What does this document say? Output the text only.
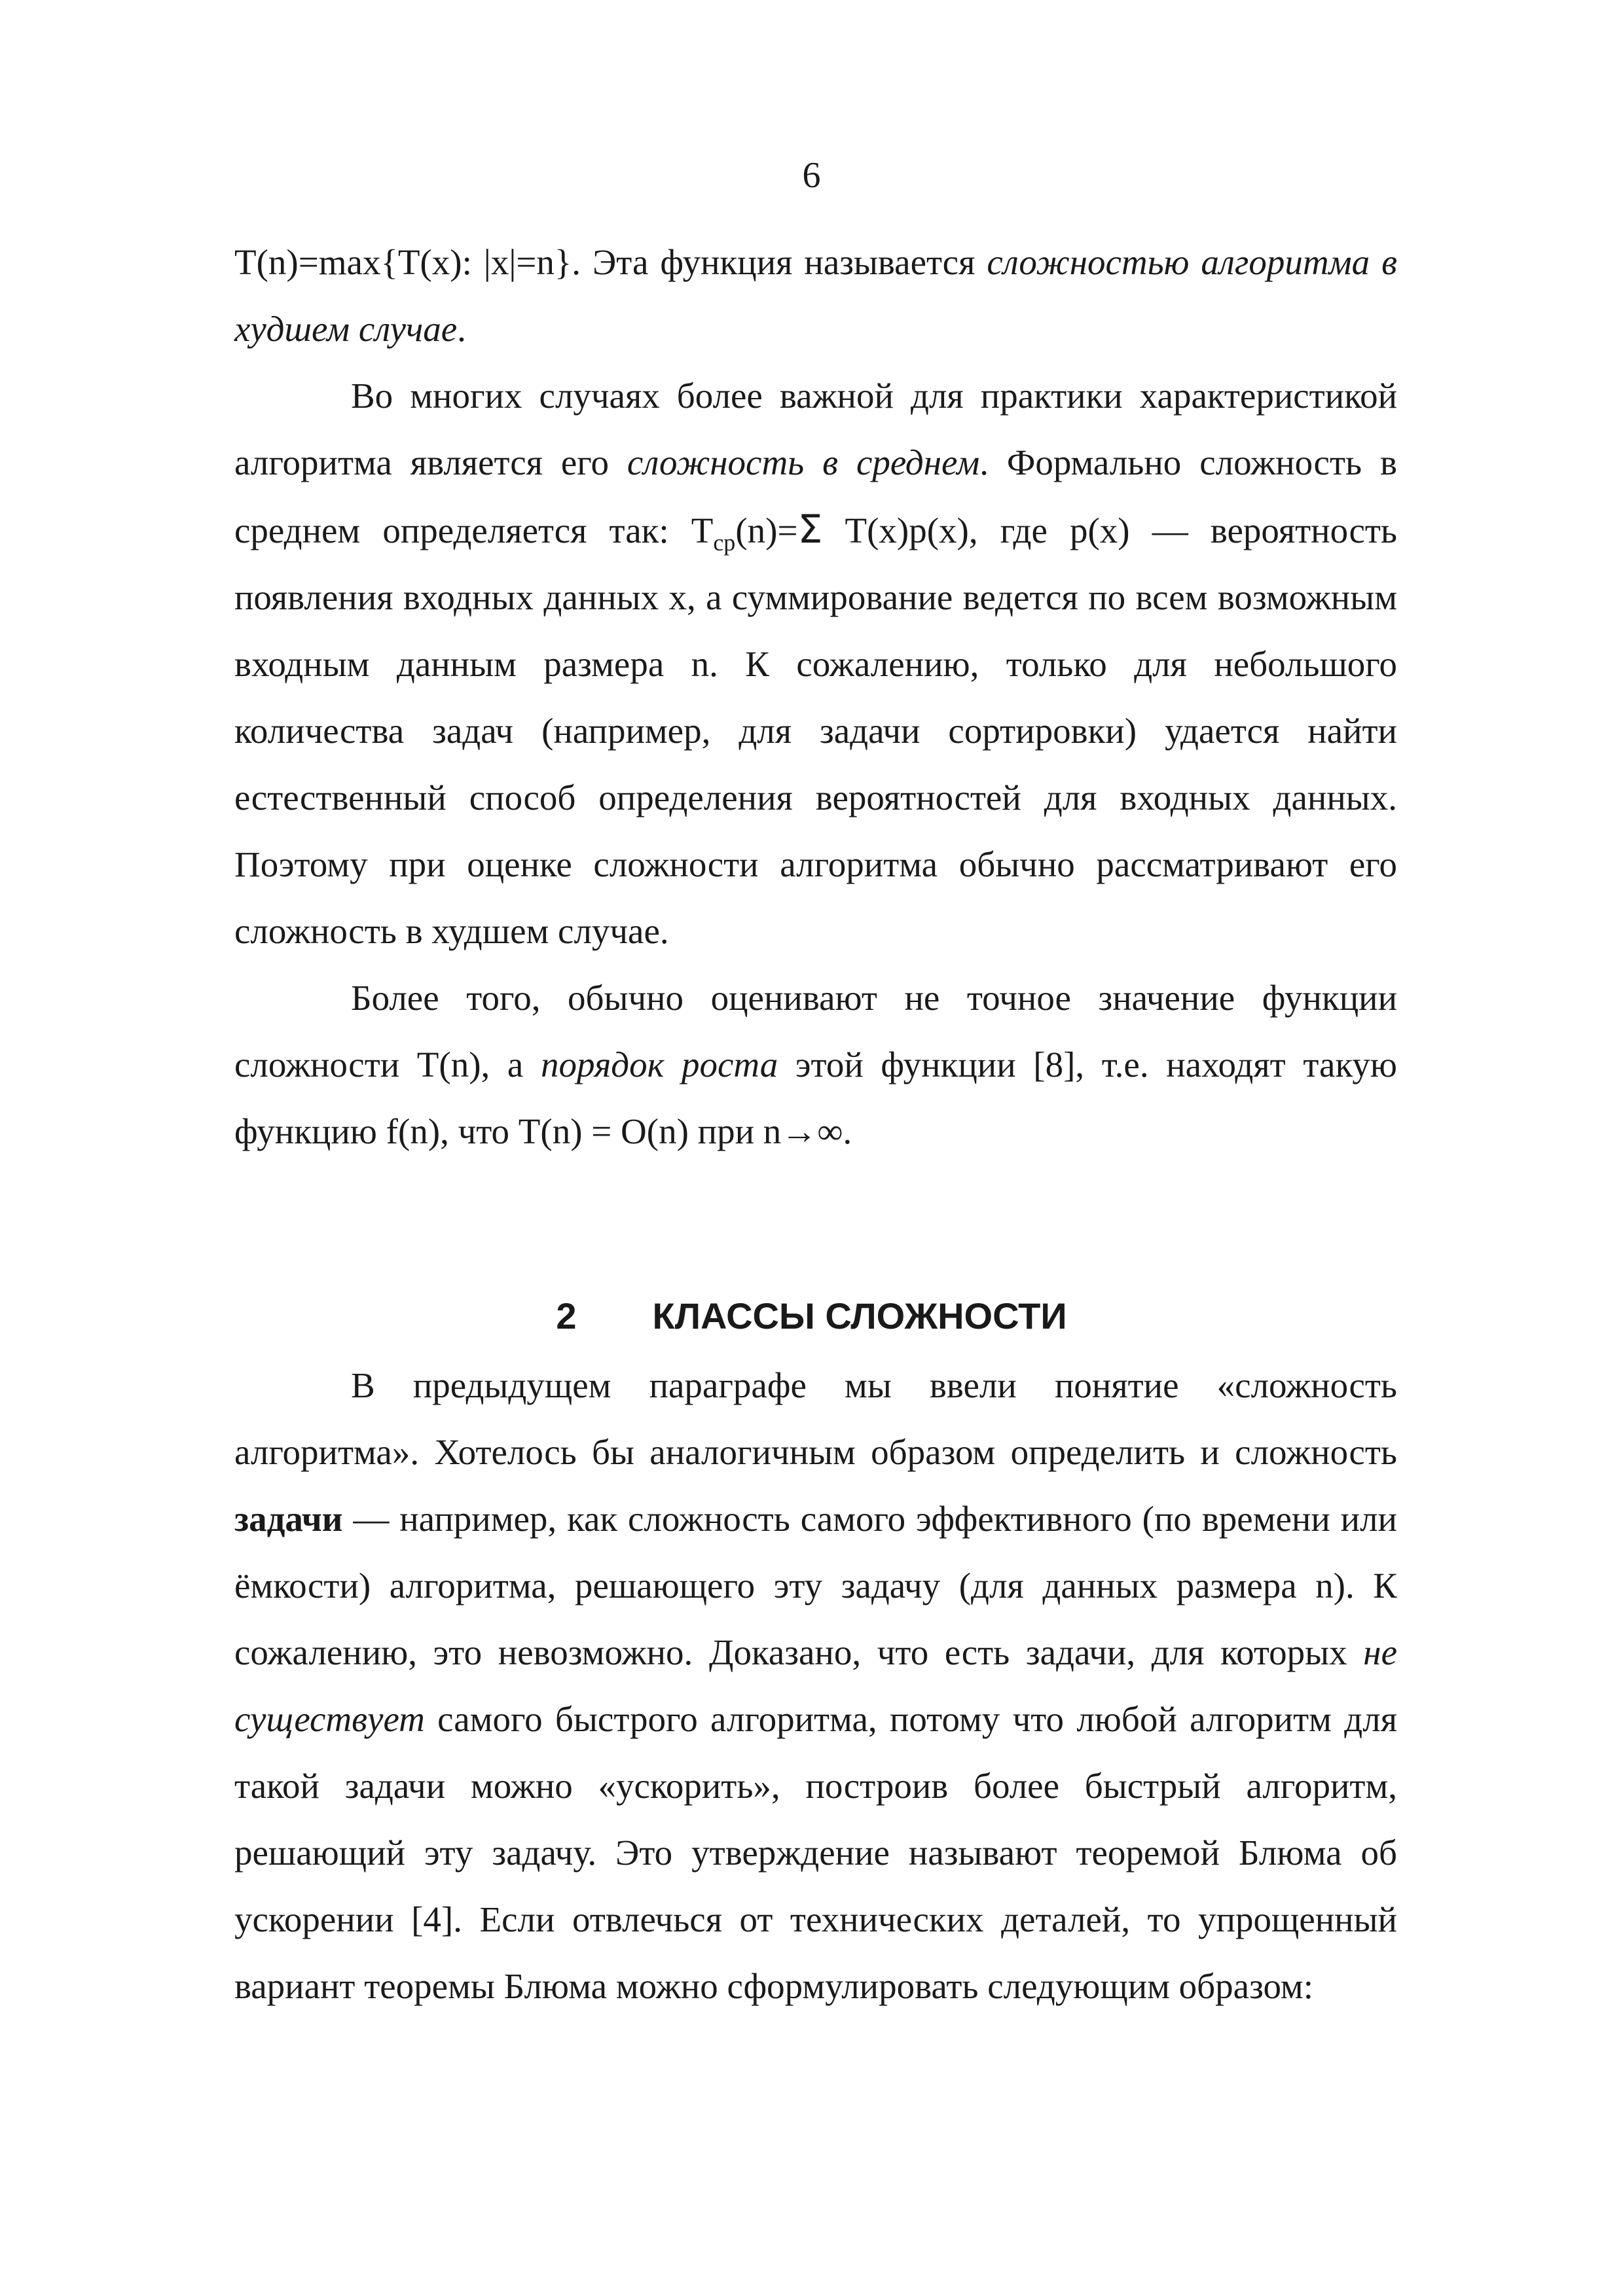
6

T(n)=max{T(x): |x|=n}. Эта функция называется сложностью алгоритма в худшем случае.

Во многих случаях более важной для практики характеристикой алгоритма является его сложность в среднем. Формально сложность в среднем определяется так: $T_{ср}(n)=\Sigma$ T(x)p(x), где p(x) — вероятность появления входных данных x, а суммирование ведется по всем возможным входным данным размера n. К сожалению, только для небольшого количества задач (например, для задачи сортировки) удается найти естественный способ определения вероятностей для входных данных. Поэтому при оценке сложности алгоритма обычно рассматривают его сложность в худшем случае.

Более того, обычно оценивают не точное значение функции сложности T(n), а порядок роста этой функции [8], т.е. находят такую функцию f(n), что T(n) = O(n) при n→∞.

2 КЛАССЫ СЛОЖНОСТИ

В предыдущем параграфе мы ввели понятие «сложность алгоритма». Хотелось бы аналогичным образом определить и сложность задачи — например, как сложность самого эффективного (по времени или ёмкости) алгоритма, решающего эту задачу (для данных размера n). К сожалению, это невозможно. Доказано, что есть задачи, для которых не существует самого быстрого алгоритма, потому что любой алгоритм для такой задачи можно «ускорить», построив более быстрый алгоритм, решающий эту задачу. Это утверждение называют теоремой Блюма об ускорении [4]. Если отвлечься от технических деталей, то упрощенный вариант теоремы Блюма можно сформулировать следующим образом:
